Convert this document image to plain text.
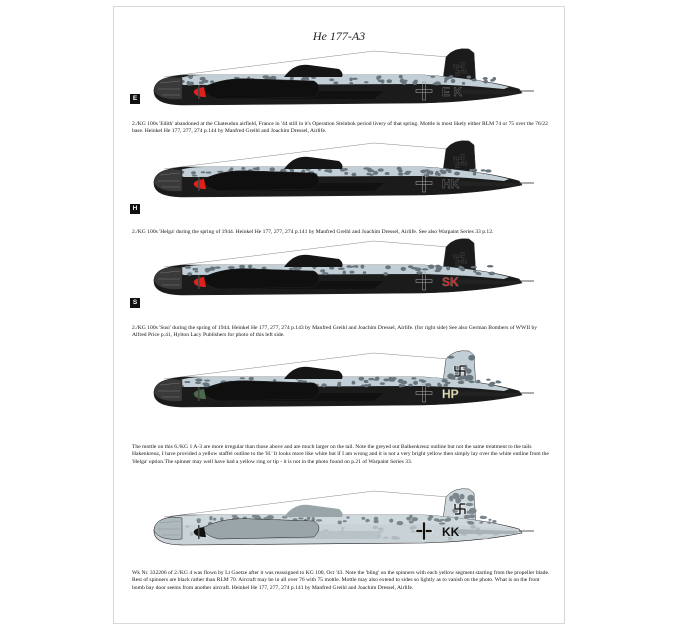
He 177-A3
E K
E
2./KG 100s 'Edith' abandoned at the Chateudun airfield, France in '44 still in it's Operation Steinbok period livery of that spring. Mottle is most likely either RLM 74 or 75 over the 76/22 base. Heinkel He 177, 277, 274 p.144 by Manfred Greihl and Joachim Dressel, Airlife.
HK
H
2./KG 100s 'Helga' during the spring of 1944. Heinkel He 177, 277, 274 p.141 by Manfred Greihl and Joachim Dressel, Airlife. See also Warpaint Series 33 p.12.
SK
S
2./KG 100s 'Susi' during the spring of 1944. Heinkel He 177, 277, 274 p.143 by Manfred Greihl and Joachim Dressel, Airlife. (for right side) See also German Bombers of WWII by Alfred Price p.41, Hylton Lacy Publishers for photo of this left side.
HP
The mottle on this 6./KG 1 A-3 are more irregular than those above and are much larger on the tail. Note the greyed out Balkenkreuz outline but not the same treatment to the tails Hakenkreuz, I have provided a yellow staffel outline to the 'H.' It looks more like white but if I am wrong and it is not a very bright yellow then simply lay over the white outline from the 'Helga' option.The spinner may well have had a yellow ring or tip - it is not in the photo found on p.21 of Warpaint Series 33.
KK
Wk Nr. 332206 of 2./KG 4 was flown by Lt Goetze after it was reassigned to KG 100, Oct '43. Note the 'bling' on the spinners with each yellow segment starting from the propeller blade. Rest of spinners are black rather than RLM 70. Aircraft may be in all over 76 with 75 mottle. Mottle may also extend to sides so lightly as to vanish on the photo. What is on the front bomb bay door seems from another aircraft. Heinkel He 177, 277, 274 p.141 by Manfred Greihl and Joachim Dressel, Airlife.
